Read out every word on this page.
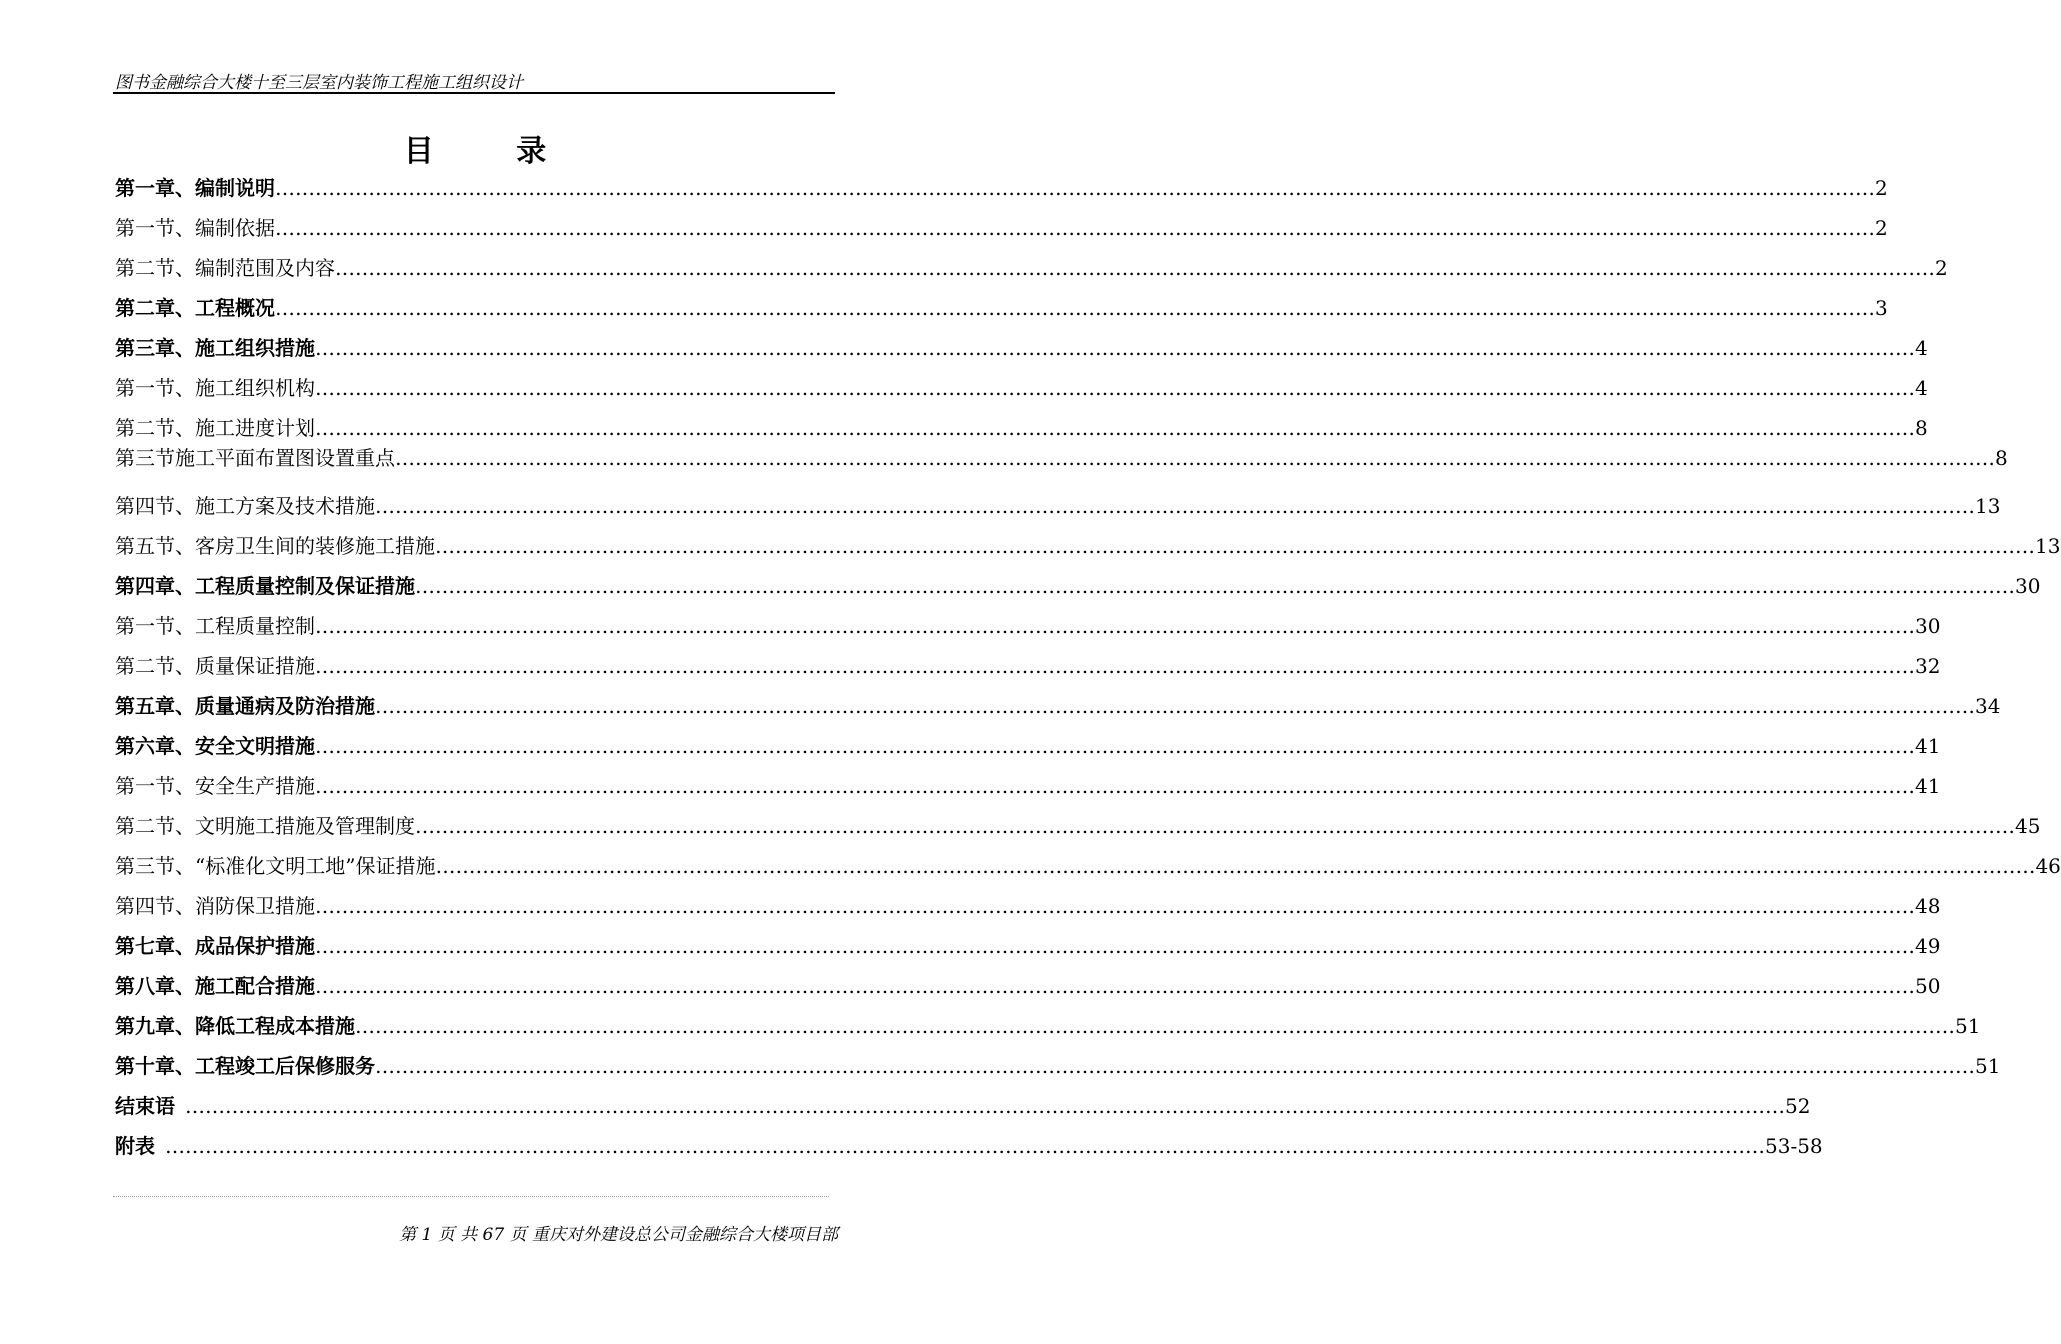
图书金融综合大楼十至三层室内装饰工程施工组织设计
目 录
第一章、 编制说明 …………………………………………………………………………………………………………………………………………………………………………………………………………………… 2
第一节、 编制依据 …………………………………………………………………………………………………………………………………………………………………………………………………………………… 2
第二节、 编制范围及内容 …………………………………………………………………………………………………………………………………………………………………………………………………………………… 2
第二章、 工程概况 …………………………………………………………………………………………………………………………………………………………………………………………………………………… 3
第三章、 施工组织措施 …………………………………………………………………………………………………………………………………………………………………………………………………………………… 4
第一节、 施工组织机构 …………………………………………………………………………………………………………………………………………………………………………………………………………………… 4
第二节、 施工进度计划 …………………………………………………………………………………………………………………………………………………………………………………………………………………… 8
第三节 施工平面布置图设置重点 …………………………………………………………………………………………………………………………………………………………………………………………………………………… 8
第四节、 施工方案及技术措施 …………………………………………………………………………………………………………………………………………………………………………………………………………………… 13
第五节、 客房卫生间的装修施工措施 …………………………………………………………………………………………………………………………………………………………………………………………………………………… 13
第四章、 工程质量控制及保证措施 …………………………………………………………………………………………………………………………………………………………………………………………………………………… 30
第一节、 工程质量控制 …………………………………………………………………………………………………………………………………………………………………………………………………………………… 30
第二节、 质量保证措施 …………………………………………………………………………………………………………………………………………………………………………………………………………………… 32
第五章、 质量通病及防治措施 …………………………………………………………………………………………………………………………………………………………………………………………………………………… 34
第六章、 安全文明措施 …………………………………………………………………………………………………………………………………………………………………………………………………………………… 41
第一节、 安全生产措施 …………………………………………………………………………………………………………………………………………………………………………………………………………………… 41
第二节、 文明施工措施及管理制度 …………………………………………………………………………………………………………………………………………………………………………………………………………………… 45
第三节、 “标准化文明工地”保证措施 …………………………………………………………………………………………………………………………………………………………………………………………………………………… 46
第四节、 消防保卫措施 …………………………………………………………………………………………………………………………………………………………………………………………………………………… 48
第七章、 成品保护措施 …………………………………………………………………………………………………………………………………………………………………………………………………………………… 49
第八章、 施工配合措施 …………………………………………………………………………………………………………………………………………………………………………………………………………………… 50
第九章、 降低工程成本措施 …………………………………………………………………………………………………………………………………………………………………………………………………………………… 51
第十章、 工程竣工后保修服务 …………………………………………………………………………………………………………………………………………………………………………………………………………………… 51
结束语 …………………………………………………………………………………………………………………………………………………………………………………………………………………… 52
附表 …………………………………………………………………………………………………………………………………………………………………………………………………………………… 53-58
第 1 页 共 67 页 重庆对外建设总公司金融综合大楼项目部
